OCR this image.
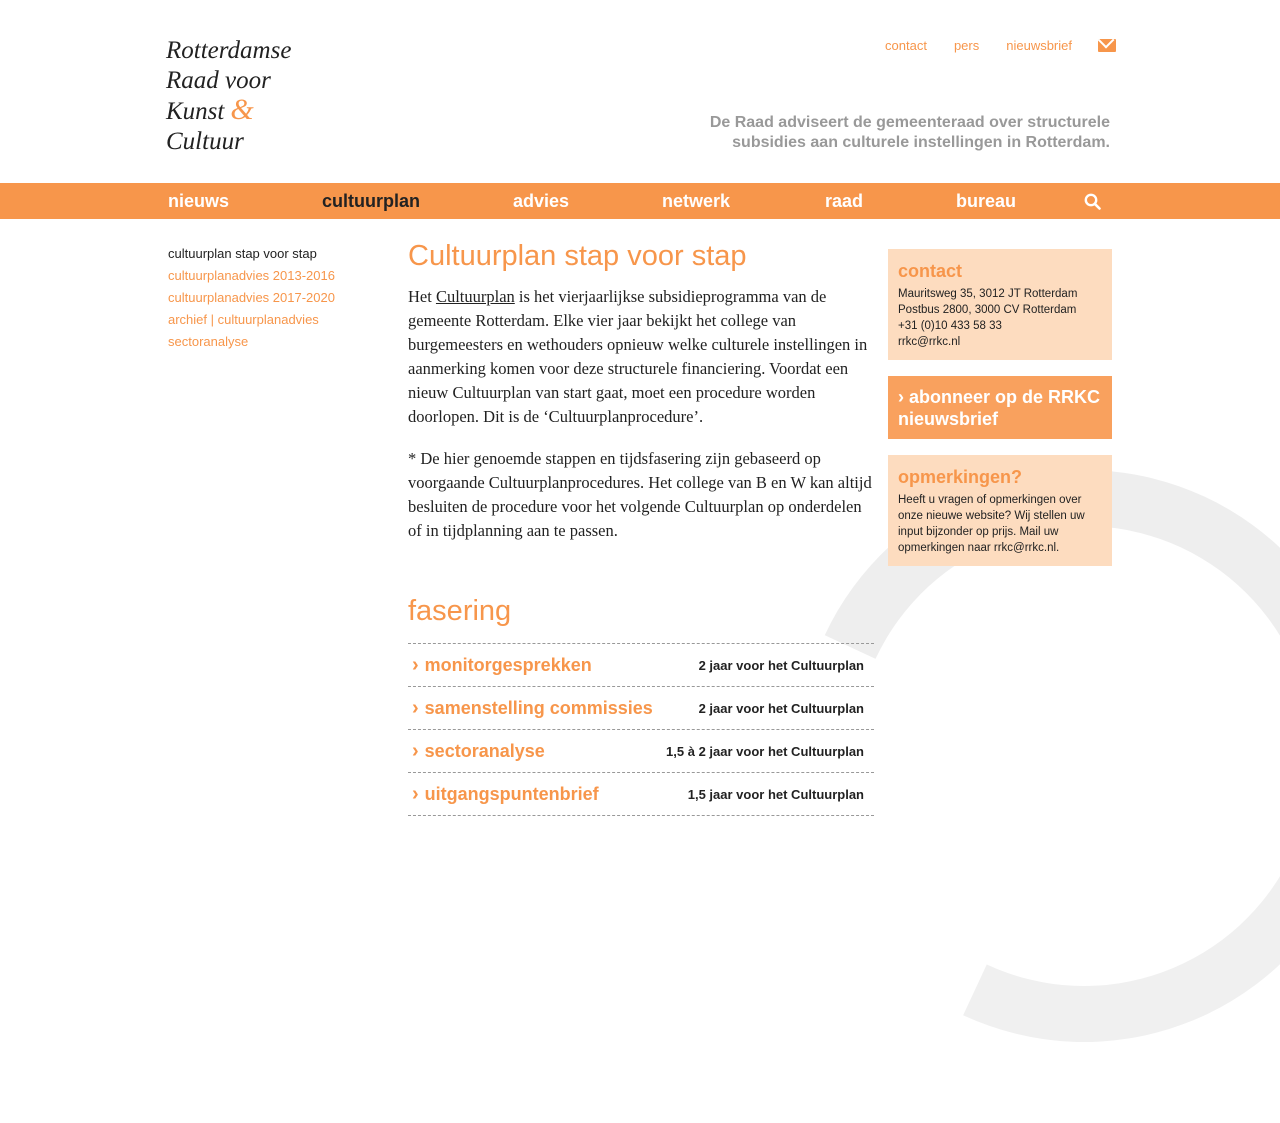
Rotterdamse
Raad voor
Kunst &
Cultuur
contact pers nieuwsbrief
De Raad adviseert de gemeenteraad over structurele subsidies aan culturele instellingen in Rotterdam.
nieuws	cultuurplan	advies	netwerk	raad	bureau
cultuurplan stap voor stap
cultuurplanadvies 2013-2016
cultuurplanadvies 2017-2020
archief | cultuurplanadvies
sectoranalyse
Cultuurplan stap voor stap

Het Cultuurplan is het vierjaarlijkse subsidieprogramma van de gemeente Rotterdam. Elke vier jaar bekijkt het college van burgemeesters en wethouders opnieuw welke culturele instellingen in aanmerking komen voor deze structurele financiering. Voordat een nieuw Cultuurplan van start gaat, moet een procedure worden doorlopen. Dit is de ‘Cultuurplanprocedure’.

* De hier genoemde stappen en tijdsfasering zijn gebaseerd op voorgaande Cultuurplanprocedures. Het college van B en W kan altijd besluiten de procedure voor het volgende Cultuurplan op onderdelen of in tijdplanning aan te passen.

fasering
› monitorgesprekken	2 jaar voor het Cultuurplan
› samenstelling commissies	2 jaar voor het Cultuurplan
› sectoranalyse	1,5 à 2 jaar voor het Cultuurplan
› uitgangspuntenbrief	1,5 jaar voor het Cultuurplan
contact

Mauritsweg 35, 3012 JT Rotterdam

Postbus 2800, 3000 CV Rotterdam

+31 (0)10 433 58 33

rrkc@rrkc.nl

› abonneer op de RRKC nieuwsbrief
opmerkingen?

Heeft u vragen of opmerkingen over onze nieuwe website? Wij stellen uw input bijzonder op prijs. Mail uw opmerkingen naar rrkc@rrkc.nl.
